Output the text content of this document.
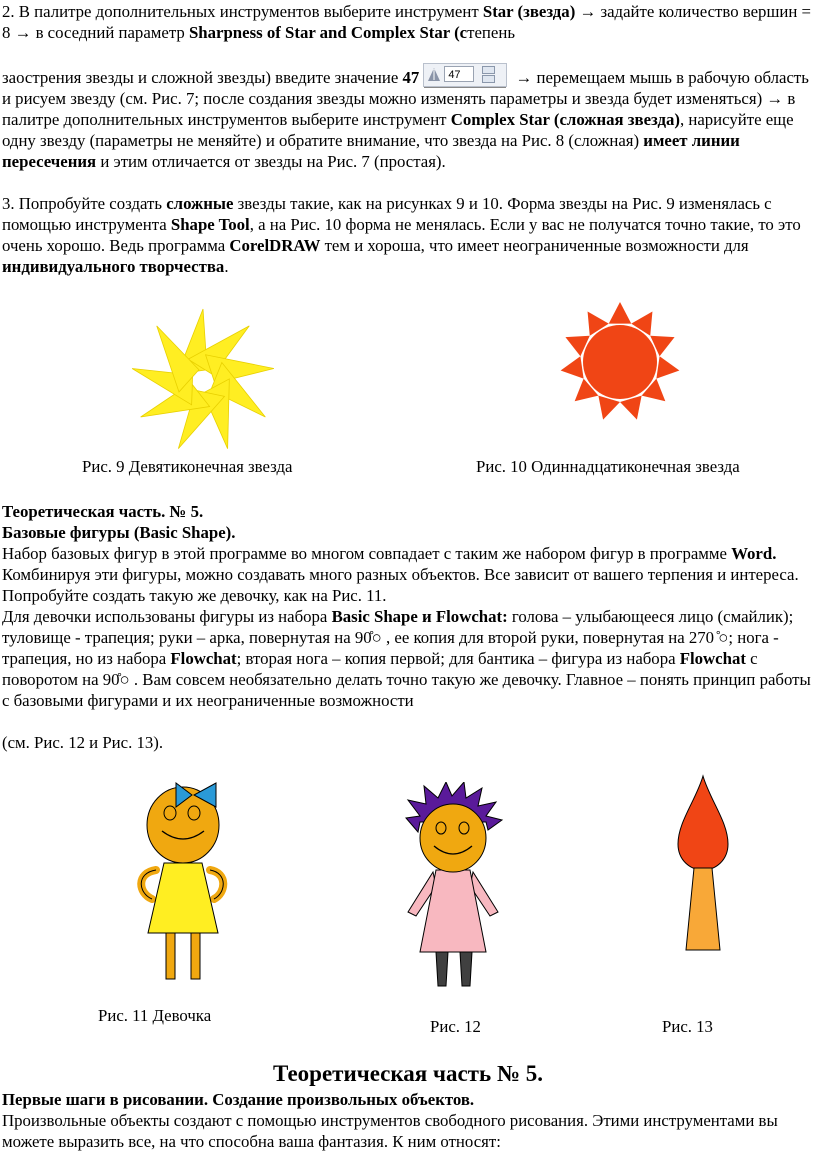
2. В палитре дополнительных инструментов выберите инструмент Star (звезда) → задайте количество вершин = 8 → в соседний параметр Sharpness of Star and Complex Star (степень

заострения звезды и сложной звезды) введите значение 47	47	→ перемещаем мышь в рабочую область и рисуем звезду (см. Рис. 7; после создания звезды можно изменять параметры и звезда будет изменяться) → в палитре дополнительных инструментов выберите инструмент Complex Star (сложная звезда), нарисуйте еще одну звезду (параметры не меняйте) и обратите внимание, что звезда на Рис. 8 (сложная) имеет линии пересечения и этим отличается от звезды на Рис. 7 (простая).

3. Попробуйте создать сложные звезды такие, как на рисунках 9 и 10. Форма звезды на Рис. 9 изменялась с помощью инструмента Shape Tool, а на Рис. 10 форма не менялась. Если у вас не получатся точно такие, то это очень хорошо. Ведь программа CorelDRAW тем и хороша, что имеет неограниченные возможности для индивидуального творчества.

Рис. 9 Девятиконечная звезда	Рис. 10 Одиннадцатиконечная звезда

Теоретическая часть. № 5.

Базовые фигуры (Basic Shape).

Набор базовых фигур в этой программе во многом совпадает с таким же набором фигур в программе Word. Комбинируя эти фигуры, можно создавать много разных объектов. Все зависит от вашего терпения и интереса. Попробуйте создать такую же девочку, как на Рис. 11.

Для девочки использованы фигуры из набора Basic Shape и Flowchat: голова – улыбающееся лицо (смайлик); туловище - трапеция; руки – арка, повернутая на 90○ , ее копия для второй руки, повернутая на 270 ○; нога - трапеция, но из набора Flowchat; вторая нога – копия первой; для бантика – фигура из набора Flowchat с поворотом на 90○ . Вам совсем необязательно делать точно такую же девочку. Главное – понять принцип работы с базовыми фигурами и их неограниченные возможности

(см. Рис. 12 и Рис. 13).

Рис. 11 Девочка
Рис. 12	Рис. 13
Теоретическая часть № 5.

Первые шаги в рисовании. Создание произвольных объектов.

Произвольные объекты создают с помощью инструментов свободного рисования. Этими инструментами вы можете выразить все, на что способна ваша фантазия. К ним относят:
